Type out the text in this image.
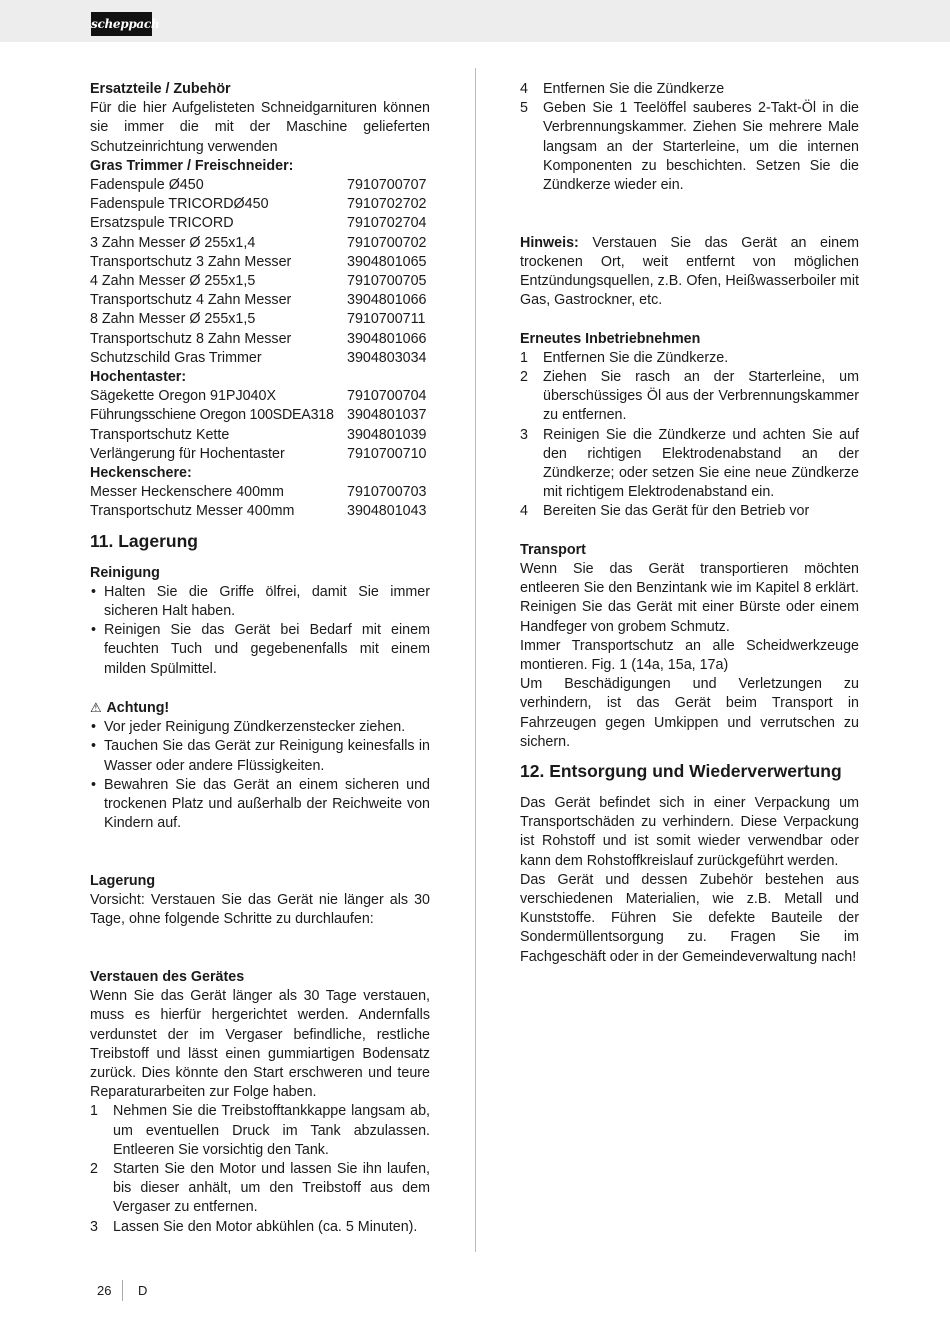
scheppach

Ersatzteile / Zubehör

Für die hier Aufgelisteten Schneidgarnituren können sie immer die mit der Maschine gelieferten Schutzeinrichtung verwenden

Gras Trimmer / Freischneider:

Fadenspule Ø450	7910700707
Fadenspule TRICORDØ450	7910702702
Ersatzspule TRICORD	7910702704
3 Zahn Messer Ø 255x1,4	7910700702
Transportschutz 3 Zahn Messer	3904801065
4 Zahn Messer Ø 255x1,5	7910700705
Transportschutz 4 Zahn Messer	3904801066
8 Zahn Messer Ø 255x1,5	7910700711
Transportschutz 8 Zahn Messer	3904801066
Schutzschild Gras Trimmer	3904803034

Hochentaster:

Sägekette Oregon 91PJ040X	7910700704
Führungsschiene Oregon 100SDEA318 3904801037
Transportschutz Kette	3904801039
Verlängerung für Hochentaster	7910700710

Heckenschere:

Messer Heckenschere 400mm	7910700703
Transportschutz Messer 400mm	3904801043
11. Lagerung

Reinigung

• Halten Sie die Griffe ölfrei, damit Sie immer sicheren Halt haben.
• Reinigen Sie das Gerät bei Bedarf mit einem feuchten Tuch und gegebenenfalls mit einem milden Spülmittel.

⚠ Achtung!

• Vor jeder Reinigung Zündkerzenstecker ziehen.
• Tauchen Sie das Gerät zur Reinigung keinesfalls in Wasser oder andere Flüssigkeiten.
• Bewahren Sie das Gerät an einem sicheren und trockenen Platz und außerhalb der Reichweite von Kindern auf.

Lagerung

Vorsicht: Verstauen Sie das Gerät nie länger als 30 Tage, ohne folgende Schritte zu durchlaufen:

Verstauen des Gerätes

Wenn Sie das Gerät länger als 30 Tage verstauen, muss es hierfür hergerichtet werden. Andernfalls verdunstet der im Vergaser befindliche, restliche Treibstoff und lässt einen gummiartigen Bodensatz zurück. Dies könnte den Start erschweren und teure Reparaturarbeiten zur Folge haben.

1 Nehmen Sie die Treibstofftankkappe langsam ab, um eventuellen Druck im Tank abzulassen. Entleeren Sie vorsichtig den Tank.
2 Starten Sie den Motor und lassen Sie ihn laufen, bis dieser anhält, um den Treibstoff aus dem Vergaser zu entfernen.
3 Lassen Sie den Motor abkühlen (ca. 5 Minuten).
4 Entfernen Sie die Zündkerze
5 Geben Sie 1 Teelöffel sauberes 2-Takt-Öl in die Verbrennungskammer. Ziehen Sie mehrere Male langsam an der Starterleine, um die internen Komponenten zu beschichten. Setzen Sie die Zündkerze wieder ein.

Hinweis: Verstauen Sie das Gerät an einem trockenen Ort, weit entfernt von möglichen Entzündungsquellen, z.B. Ofen, Heißwasserboiler mit Gas, Gastrockner, etc.

Erneutes Inbetriebnehmen

1 Entfernen Sie die Zündkerze.
2 Ziehen Sie rasch an der Starterleine, um überschüssiges Öl aus der Verbrennungskammer zu entfernen.
3 Reinigen Sie die Zündkerze und achten Sie auf den richtigen Elektrodenabstand an der Zündkerze; oder setzen Sie eine neue Zündkerze mit richtigem Elektrodenabstand ein.
4 Bereiten Sie das Gerät für den Betrieb vor

Transport

Wenn Sie das Gerät transportieren möchten entleeren Sie den Benzintank wie im Kapitel 8 erklärt. Reinigen Sie das Gerät mit einer Bürste oder einem Handfeger von grobem Schmutz.

Immer Transportschutz an alle Scheidwerkzeuge montieren. Fig. 1 (14a, 15a, 17a)

Um Beschädigungen und Verletzungen zu verhindern, ist das Gerät beim Transport in Fahrzeugen gegen Umkippen und verrutschen zu sichern.

12. Entsorgung und Wiederverwertung

Das Gerät befindet sich in einer Verpackung um Transportschäden zu verhindern. Diese Verpackung ist Rohstoff und ist somit wieder verwendbar oder kann dem Rohstoffkreislauf zurückgeführt werden.

Das Gerät und dessen Zubehör bestehen aus verschiedenen Materialien, wie z.B. Metall und Kunststoffe. Führen Sie defekte Bauteile der Sondermüllentsorgung zu. Fragen Sie im Fachgeschäft oder in der Gemeindeverwaltung nach!

26 D
